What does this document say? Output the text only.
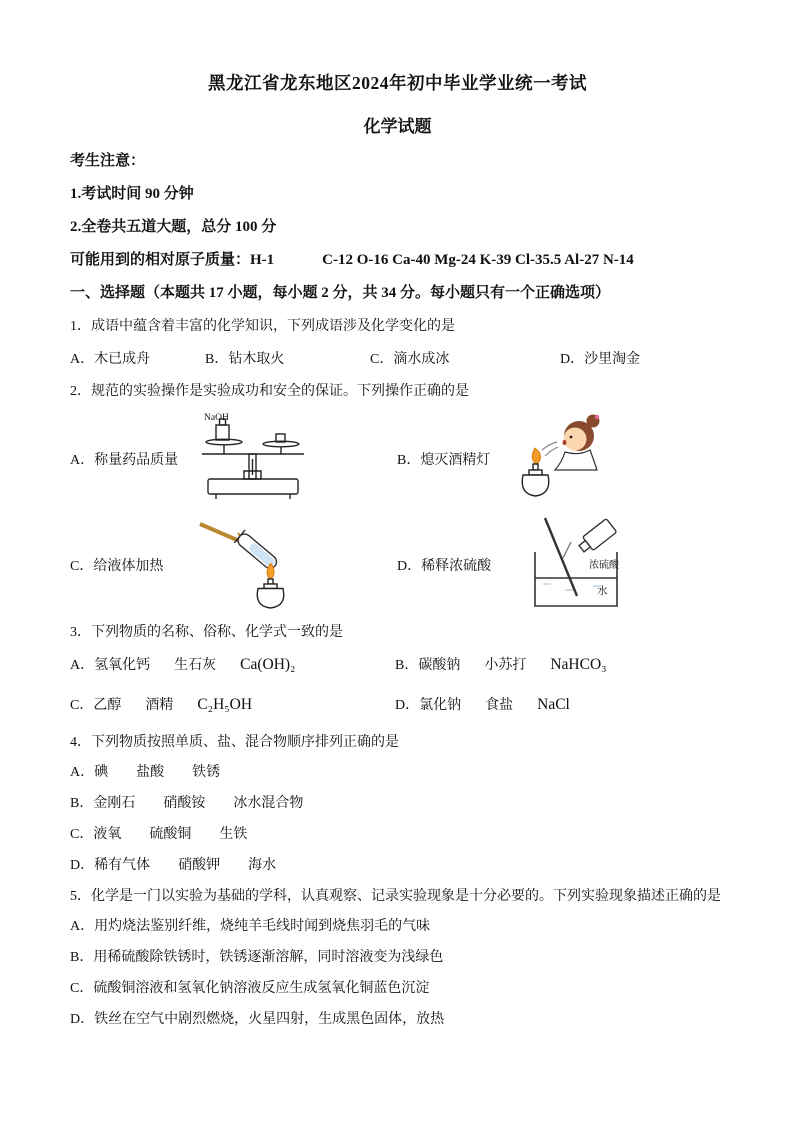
黑龙江省龙东地区2024年初中毕业学业统一考试
化学试题
考生注意：
1.考试时间 90 分钟
2.全卷共五道大题，总分 100 分
可能用到的相对原子质量：H-1	C-12 O-16 Ca-40 Mg-24 K-39 Cl-35.5 Al-27 N-14
一、选择题（本题共 17 小题，每小题 2 分，共 34 分。每小题只有一个正确选项）
1．成语中蕴含着丰富的化学知识，下列成语涉及化学变化的是
A．木已成舟	B．钻木取火	C．滴水成冰	D．沙里淘金
2．规范的实验操作是实验成功和安全的保证。下列操作正确的是
A．称量药品质量
NaOH
B．熄灭酒精灯
C．给液体加热	D．稀释浓硫酸	浓硫酸
水
3．下列物质的名称、俗称、化学式一致的是
A．氢氧化钙 生石灰 Ca(OH)₂	B．碳酸钠 小苏打 NaHCO₃
C．乙醇 酒精 C₂H₅OH	D．氯化钠 食盐 NaCl
4．下列物质按照单质、盐、混合物顺序排列正确的是
A．碘　　盐酸　　铁锈
B．金刚石　　硝酸铵　　冰水混合物
C．液氧　　硫酸铜　　生铁
D．稀有气体　　硝酸钾　　海水
5．化学是一门以实验为基础的学科，认真观察、记录实验现象是十分必要的。下列实验现象描述正确的是
A．用灼烧法鉴别纤维，烧纯羊毛线时闻到烧焦羽毛的气味
B．用稀硫酸除铁锈时，铁锈逐渐溶解，同时溶液变为浅绿色
C．硫酸铜溶液和氢氧化钠溶液反应生成氢氧化铜蓝色沉淀
D．铁丝在空气中剧烈燃烧，火星四射，生成黑色固体，放热
